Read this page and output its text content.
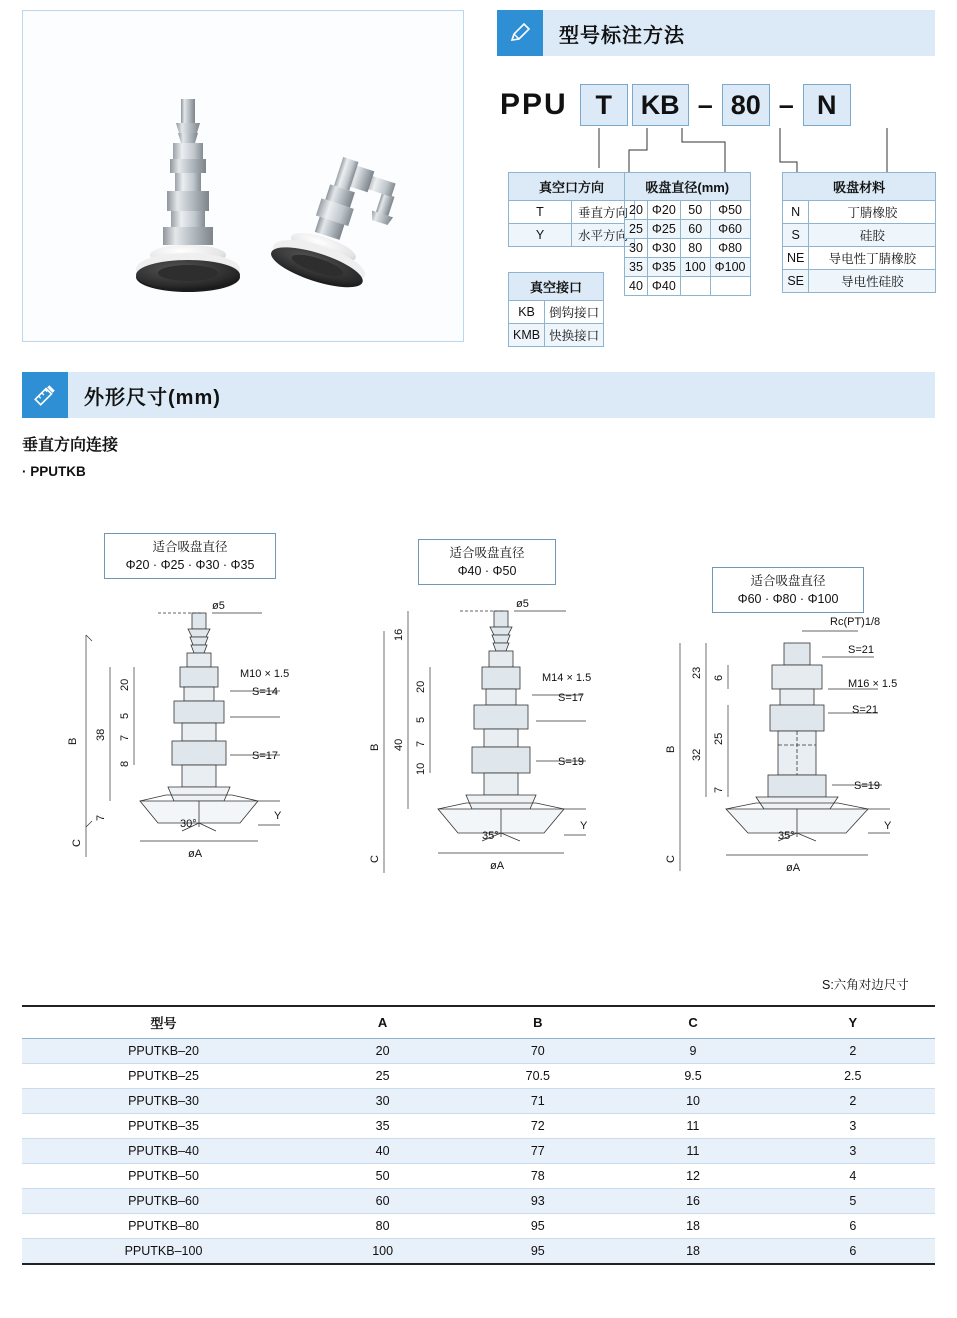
型号标注方法
PPU	T	KB – 80 – N
真空口方向	
T	垂直方向
Y	水平方向
真空接口	
KB	倒钩接口
KMB	快换接口
吸盘直径(mm)			
20	Φ20	50	Φ50
25	Φ25	60	Φ60
30	Φ30	80	Φ80
35	Φ35	100	Φ100
40	Φ40		
吸盘材料	
N	丁腈橡胶
S	硅胶
NE	导电性丁腈橡胶
SE	导电性硅胶
外形尺寸(mm)
垂直方向连接
· PPUTKB
适合吸盘直径
Φ20 · Φ25 · Φ30 · Φ35
适合吸盘直径
Φ40 · Φ50
适合吸盘直径
Φ60 · Φ80 · Φ100
ø5
M10 × 1.5
S=14
S=17
B
38
20
5
7
8
C
7
30°
øA
Y
ø5
M14 × 1.5
S=17
S=19
B
16
40
20
5
7
10
C
35°
øA
Y
Rc(PT)1/8
S=21
M16 × 1.5
S=21
S=19
B
23 6
32
25
7
C
35°
øA
Y
S:六角对边尺寸
型号	A	B	C	Y
PPUTKB–20	20	70	9	2
PPUTKB–25	25	70.5	9.5	2.5
PPUTKB–30	30	71	10	2
PPUTKB–35	35	72	11	3
PPUTKB–40	40	77	11	3
PPUTKB–50	50	78	12	4
PPUTKB–60	60	93	16	5
PPUTKB–80	80	95	18	6
PPUTKB–100	100	95	18	6
